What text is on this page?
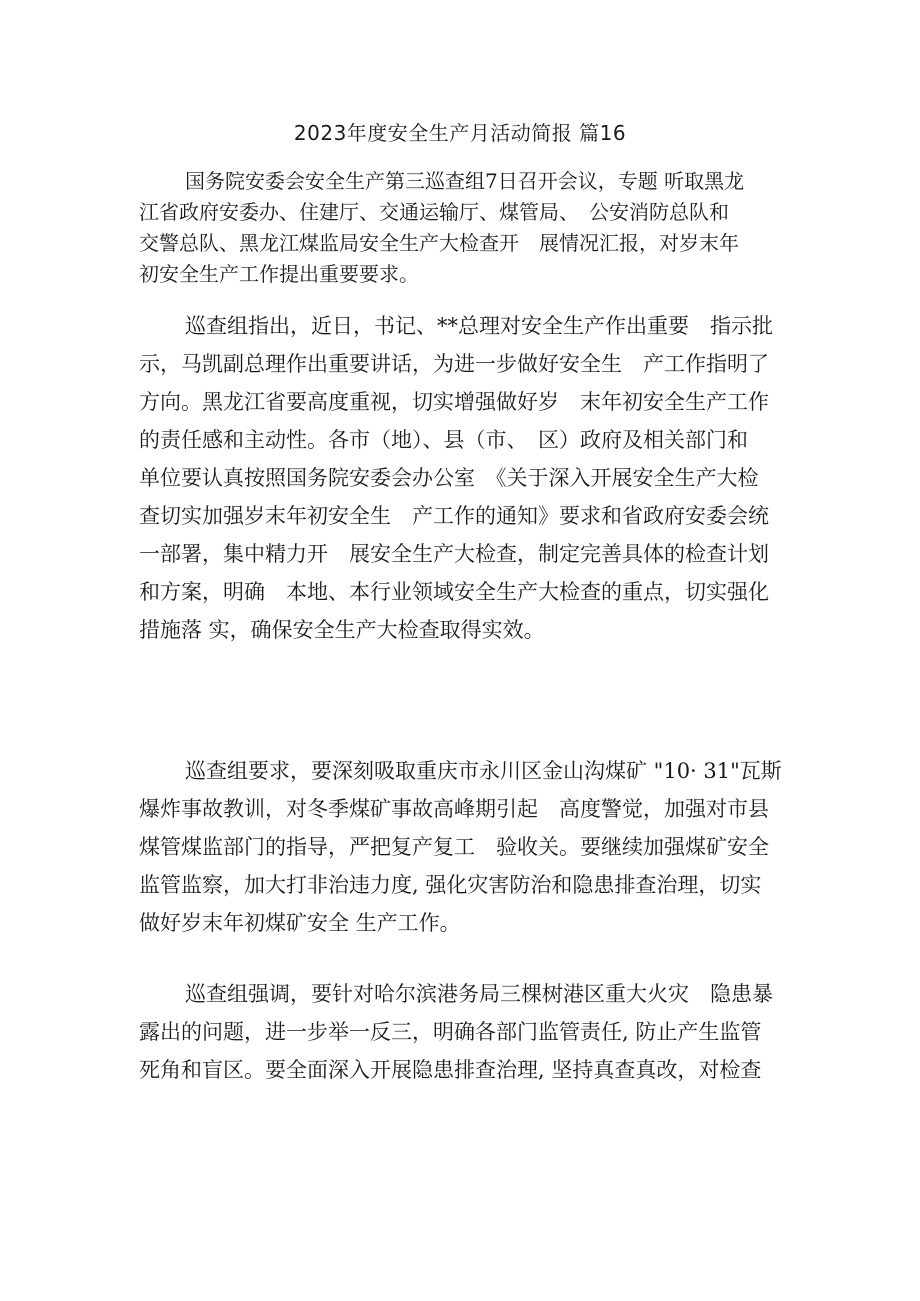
2023年度安全生产月活动简报 篇16
国务院安委会安全生产第三巡查组7日召开会议，专题 听取黑龙
江省政府安委办、住建厅、交通运输厅、煤管局、　公安消防总队和
交警总队、黑龙江煤监局安全生产大检查开　展情况汇报，对岁末年
初安全生产工作提出重要要求。
巡查组指出，近日，书记、**总理对安全生产作出重要　指示批
示，马凯副总理作出重要讲话，为进一步做好安全生　产工作指明了
方向。黑龙江省要高度重视，切实增强做好岁　末年初安全生产工作
的责任感和主动性。各市（地）、县（市、　区）政府及相关部门和
单位要认真按照国务院安委会办公室　《关于深入开展安全生产大检
查切实加强岁末年初安全生　产工作的通知》要求和省政府安委会统
一部署，集中精力开　展安全生产大检查，制定完善具体的检查计划
和方案，明确　本地、本行业领域安全生产大检查的重点，切实强化
措施落 实，确保安全生产大检查取得实效。
巡查组要求，要深刻吸取重庆市永川区金山沟煤矿 "10· 31"瓦斯
爆炸事故教训，对冬季煤矿事故高峰期引起　高度警觉，加强对市县
煤管煤监部门的指导，严把复产复工　验收关。要继续加强煤矿安全
监管监察，加大打非治违力度, 强化灾害防治和隐患排查治理，切实
做好岁末年初煤矿安全 生产工作。
巡查组强调，要针对哈尔滨港务局三棵树港区重大火灾　隐患暴
露出的问题，进一步举一反三，明确各部门监管责任, 防止产生监管
死角和盲区。要全面深入开展隐患排查治理, 坚持真查真改，对检查
